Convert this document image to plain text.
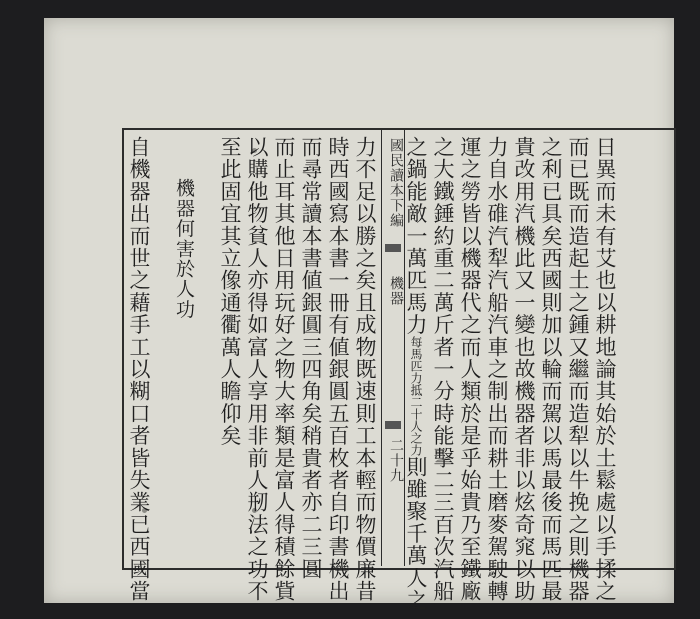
日異而未有艾也以耕地論其始於土鬆處以手揉之
而已既而造起土之鍾又繼而造犁以牛挽之則機器
之利已具矣西國則加以輪而駕以馬最後而馬匹最
貴改用汽機此又一變也故機器者非以炫奇窕以助
力自水碓汽犁汽船汽車之制出而耕土磨麥駕駛轉
運之勞皆以機器代之而人類於是乎始貴乃至鐵廠
之大鐵錘約重二萬斤者一分時能擊二三百次汽船
之鍋能敵一萬匹馬力每馬匹力抵二十人之力則雖聚千萬人之
國民讀本下編
機器
二十九
力不足以勝之矣且成物既速則工本輕而物價廉昔
時西國寫本書一冊有値銀圓五百枚者自印書機出
而尋常讀本書値銀圓三四角矣稍貴者亦二三圓
而止耳其他日用玩好之物大率類是富人得積餘貲
以購他物貧人亦得如富人享用非前人剏法之功不
至此固宜其立像通衢萬人瞻仰矣
機器何害於人功
自機器出而世之藉手工以糊口者皆失業已西國當
